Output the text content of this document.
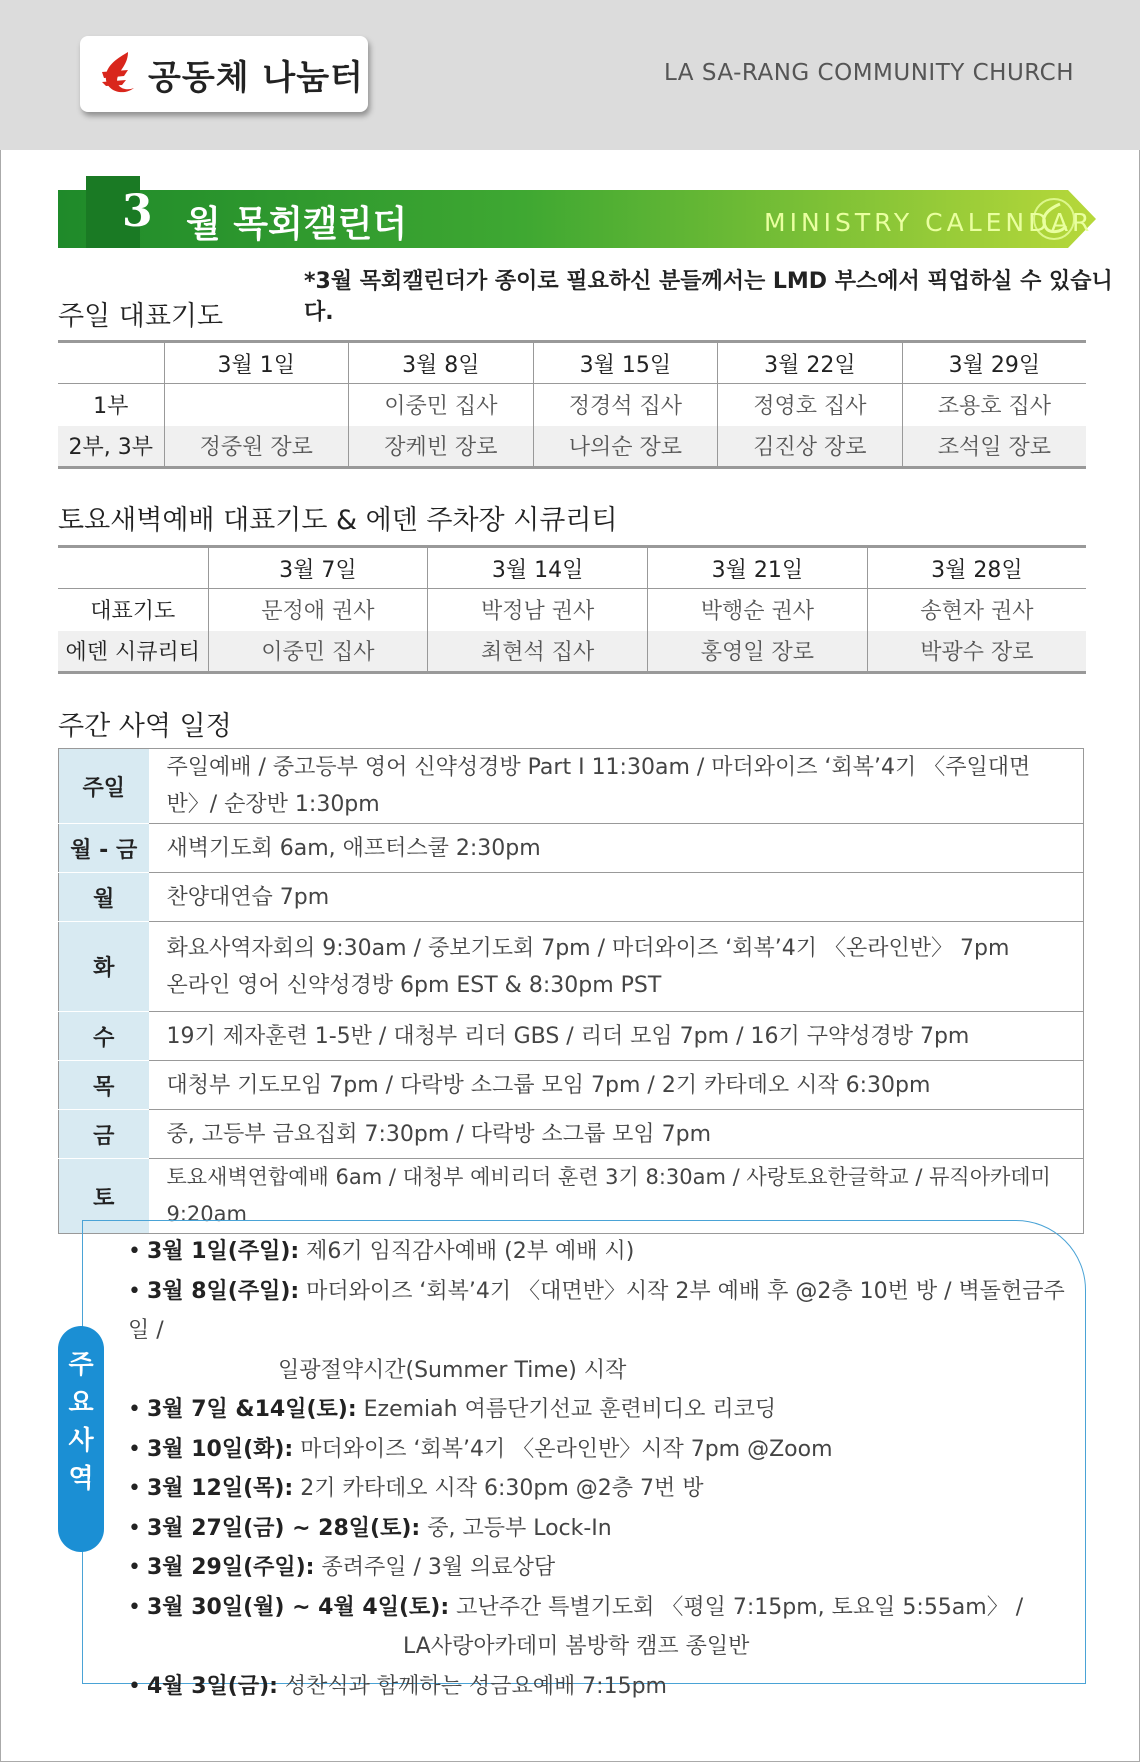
공동체 나눔터	LA SA-RANG COMMUNITY CHURCH
3 월 목회캘린더	MINISTRY CALENDAR
*3월 목회캘린더가 종이로 필요하신 분들께서는 LMD 부스에서 픽업하실 수 있습니다.
주일 대표기도
	3월 1일	3월 8일	3월 15일	3월 22일	3월 29일
1부		이중민 집사	정경석 집사	정영호 집사	조용호 집사
2부, 3부	정중원 장로	장케빈 장로	나의순 장로	김진상 장로	조석일 장로
토요새벽예배 대표기도 & 에덴 주차장 시큐리티
	3월 7일	3월 14일	3월 21일	3월 28일
대표기도	문정애 권사	박정남 권사	박행순 권사	송현자 권사
에덴 시큐리티	이중민 집사	최현석 집사	홍영일 장로	박광수 장로
주간 사역 일정
주일	주일예배 / 중고등부 영어 신약성경방 Part I 11:30am / 마더와이즈 ‘회복’4기 〈주일대면반〉/ 순장반 1:30pm

월 - 금	새벽기도회 6am, 애프터스쿨 2:30pm

월	찬양대연습 7pm

화	화요사역자회의 9:30am / 중보기도회 7pm / 마더와이즈 ‘회복’4기 〈온라인반〉 7pm
온라인 영어 신약성경방 6pm EST & 8:30pm PST

수	19기 제자훈련 1-5반 / 대청부 리더 GBS / 리더 모임 7pm / 16기 구약성경방 7pm

목	대청부 기도모임 7pm / 다락방 소그룹 모임 7pm / 2기 카타데오 시작 6:30pm

금	중, 고등부 금요집회 7:30pm / 다락방 소그룹 모임 7pm

토	토요새벽연합예배 6am / 대청부 예비리더 훈련 3기 8:30am / 사랑토요한글학교 / 뮤직아카데미 9:20am
주
요
사
역
• 3월 1일(주일): 제6기 임직감사예배 (2부 예배 시)
• 3월 8일(주일): 마더와이즈 ‘회복’4기 〈대면반〉시작 2부 예배 후 @2층 10번 방 / 벽돌헌금주일 /
일광절약시간(Summer Time) 시작
• 3월 7일 &14일(토): Ezemiah 여름단기선교 훈련비디오 리코딩
• 3월 10일(화): 마더와이즈 ‘회복’4기 〈온라인반〉시작 7pm @Zoom
• 3월 12일(목): 2기 카타데오 시작 6:30pm @2층 7번 방
• 3월 27일(금) ~ 28일(토): 중, 고등부 Lock-In
• 3월 29일(주일): 종려주일 / 3월 의료상담
• 3월 30일(월) ~ 4월 4일(토): 고난주간 특별기도회 〈평일 7:15pm, 토요일 5:55am〉 /
LA사랑아카데미 봄방학 캠프 종일반
• 4월 3일(금): 성찬식과 함께하는 성금요예배 7:15pm
